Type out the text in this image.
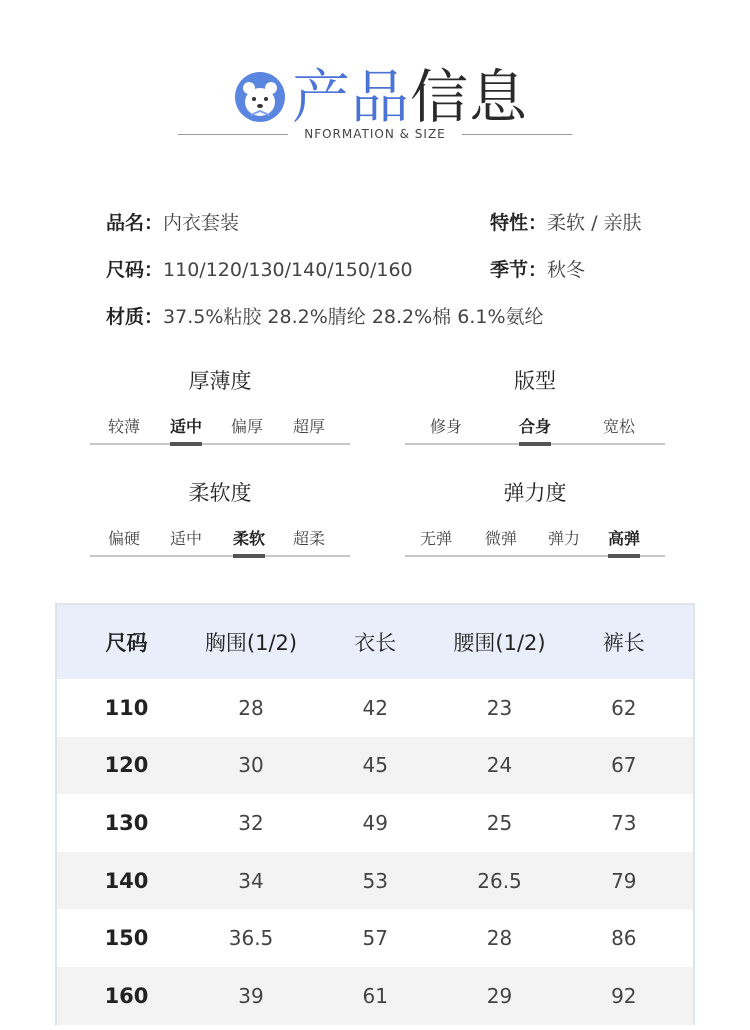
产品 信息
NFORMATION & SIZE
品名：内衣套装	特性：柔软 / 亲肤
尺码：110/120/130/140/150/160	季节：秋冬
材质：37.5%粘胶 28.2%腈纶 28.2%棉 6.1%氨纶
厚薄度
较薄 适中 偏厚 超厚
版型
修身	合身	宽松
柔软度
偏硬 适中 柔软 超柔
弹力度
无弹 微弹 弹力 高弹
尺码	胸围(1/2)	衣长	腰围(1/2)	裤长
110	28	42	23	62
120	30	45	24	67
130	32	49	25	73
140	34	53	26.5	79
150	36.5	57	28	86
160	39	61	29	92
